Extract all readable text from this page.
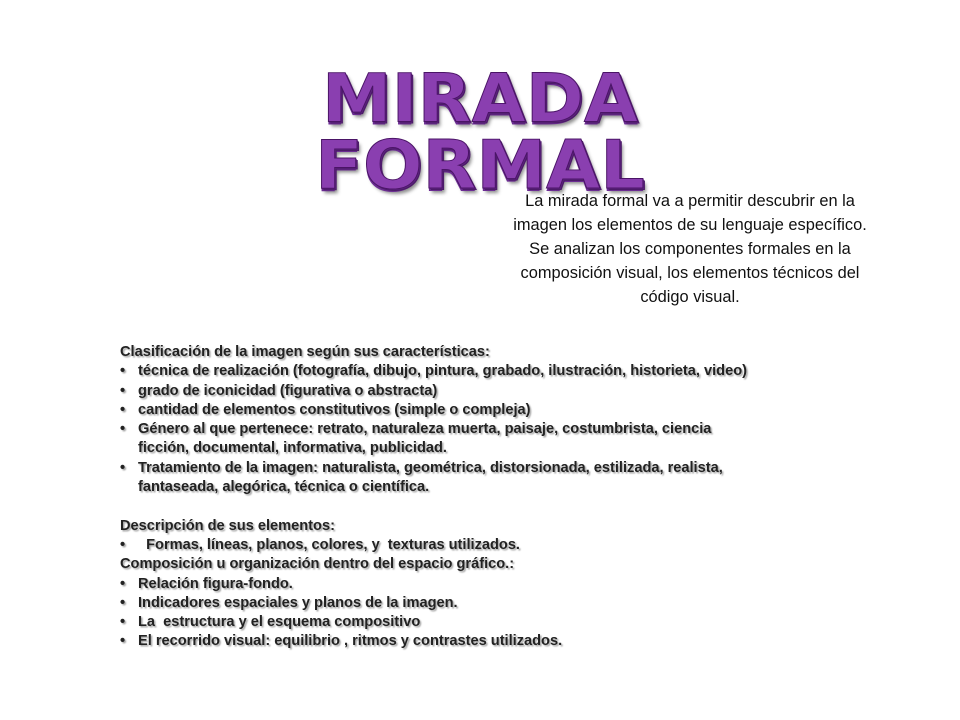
MIRADA FORMAL
La mirada formal va a permitir descubrir en la imagen los elementos de su lenguaje específico. Se analizan los componentes formales en la composición visual, los elementos técnicos del código visual.
Clasificación de la imagen según sus características:
• técnica de realización (fotografía, dibujo, pintura, grabado, ilustración, historieta, video)
• grado de iconicidad (figurativa o abstracta)
• cantidad de elementos constitutivos (simple o compleja)
• Género al que pertenece: retrato, naturaleza muerta, paisaje, costumbrista, ciencia ficción, documental, informativa, publicidad.
• Tratamiento de la imagen: naturalista, geométrica, distorsionada, estilizada, realista, fantaseada, alegórica, técnica o científica.
Descripción de sus elementos:
• Formas, líneas, planos, colores, y  texturas utilizados.
Composición u organización dentro del espacio gráfico.:
• Relación figura-fondo.
• Indicadores espaciales y planos de la imagen.
• La  estructura y el esquema compositivo
• El recorrido visual: equilibrio , ritmos y contrastes utilizados.
